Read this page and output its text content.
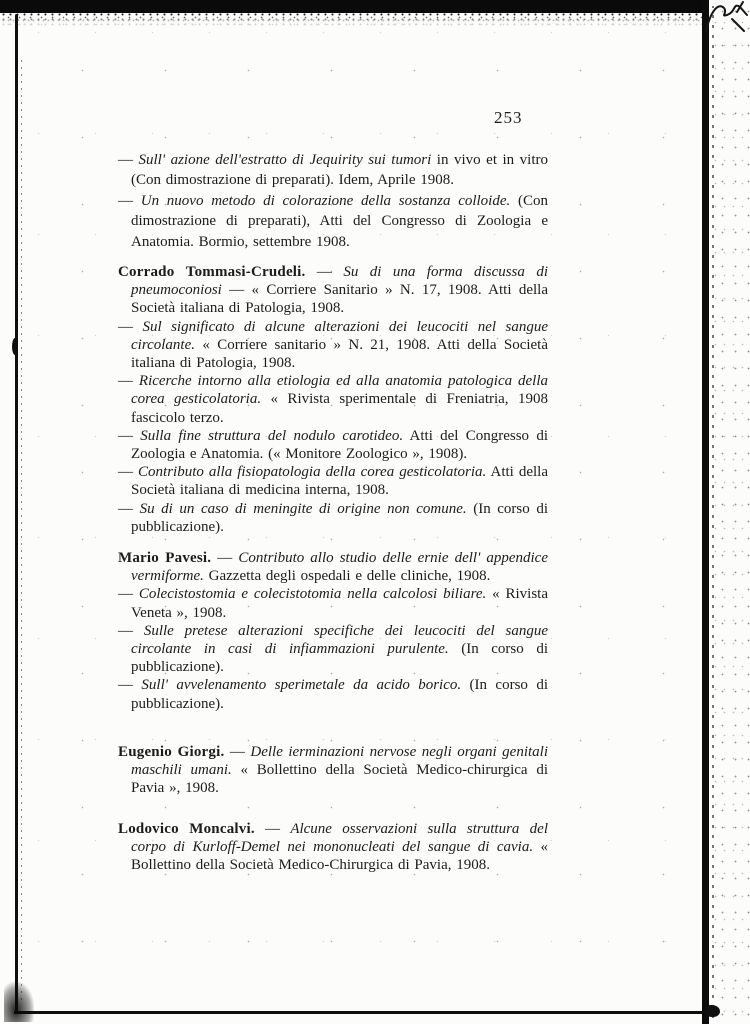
253

— Sull' azione dell'estratto di Jequirity sui tumori in vivo et in vitro (Con dimostrazione di preparati). Idem, Aprile 1908.

— Un nuovo metodo di colorazione della sostanza colloide. (Con dimostrazione di preparati), Atti del Congresso di Zoologia e Anatomia. Bormio, settembre 1908.

Corrado Tommasi-Crudeli. — Su di una forma discussa di pneumoconiosi — « Corriere Sanitario » N. 17, 1908. Atti della Società italiana di Patologia, 1908.

— Sul significato di alcune alterazioni dei leucociti nel sangue circolante. « Corriere sanitario » N. 21, 1908. Atti della Società italiana di Patologia, 1908.

— Ricerche intorno alla etiologia ed alla anatomia patologica della corea gesticolatoria. « Rivista sperimentale di Freniatria, 1908 fascicolo terzo.

— Sulla fine struttura del nodulo carotideo. Atti del Congresso di Zoologia e Anatomia. (« Monitore Zoologico », 1908).

— Contributo alla fisiopatologia della corea gesticolatoria. Atti della Società italiana di medicina interna, 1908.

— Su di un caso di meningite di origine non comune. (In corso di pubblicazione).

Mario Pavesi. — Contributo allo studio delle ernie dell' appendice vermiforme. Gazzetta degli ospedali e delle cliniche, 1908.

— Colecistostomia e colecistotomia nella calcolosi biliare. « Rivista Veneta », 1908.

— Sulle pretese alterazioni specifiche dei leucociti del sangue circolante in casi di infiammazioni purulente. (In corso di pubblicazione).

— Sull' avvelenamento sperimetale da acido borico. (In corso di pubblicazione).

Eugenio Giorgi. — Delle ierminazioni nervose negli organi genitali maschili umani. « Bollettino della Società Medico-chirurgica di Pavia », 1908.

Lodovico Moncalvi. — Alcune osservazioni sulla struttura del corpo di Kurloff-Demel nei mononucleati del sangue di cavia. « Bollettino della Società Medico-Chirurgica di Pavia, 1908.
